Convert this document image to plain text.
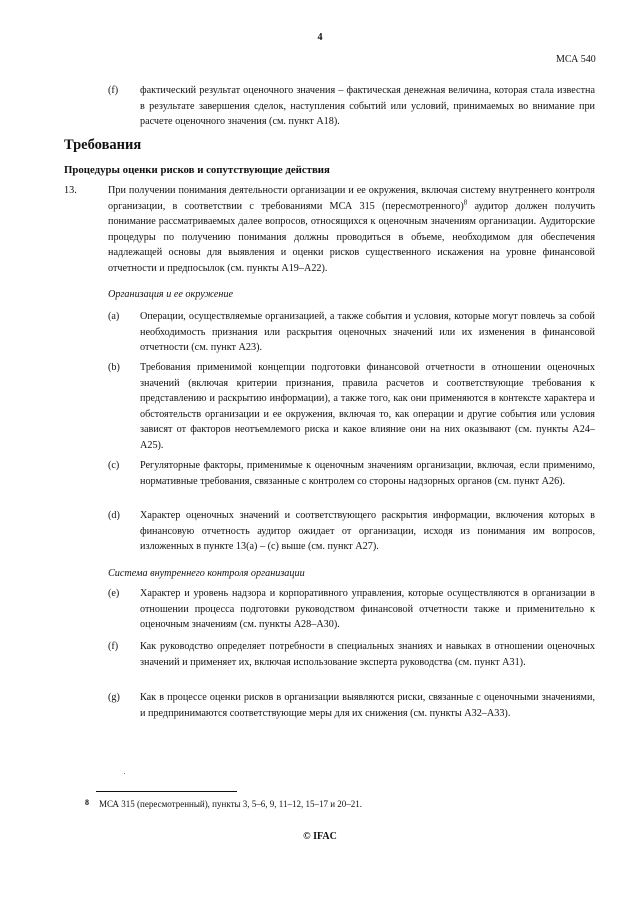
4
МСА 540
(f) фактический результат оценочного значения – фактическая денежная величина, которая стала известна в результате завершения сделок, наступления событий или условий, принимаемых во внимание при расчете оценочного значения (см. пункт A18).
Требования
Процедуры оценки рисков и сопутствующие действия
13.	При получении понимания деятельности организации и ее окружения, включая систему внутреннего контроля организации, в соответствии с требованиями МСА 315 (пересмотренного)$^8$ аудитор должен получить понимание рассматриваемых далее вопросов, относящихся к оценочным значениям организации. Аудиторские процедуры по получению понимания должны проводиться в объеме, необходимом для обеспечения надлежащей основы для выявления и оценки рисков существенного искажения на уровне финансовой отчетности и предпосылок (см. пункты A19–A22).
Организация и ее окружение
(a) Операции, осуществляемые организацией, а также события и условия, которые могут повлечь за собой необходимость признания или раскрытия оценочных значений или их изменения в финансовой отчетности (см. пункт A23).
(b) Требования применимой концепции подготовки финансовой отчетности в отношении оценочных значений (включая критерии признания, правила расчетов и соответствующие требования к представлению и раскрытию информации), а также того, как они применяются в контексте характера и обстоятельств организации и ее окружения, включая то, как операции и другие события или условия зависят от факторов неотъемлемого риска и какое влияние они на них оказывают (см. пункты A24–A25).
(c) Регуляторные факторы, применимые к оценочным значениям организации, включая, если применимо, нормативные требования, связанные с контролем со стороны надзорных органов (см. пункт A26).
(d) Характер оценочных значений и соответствующего раскрытия информации, включения которых в финансовую отчетность аудитор ожидает от организации, исходя из понимания им вопросов, изложенных в пункте 13(a) – (c) выше (см. пункт A27).
Система внутреннего контроля организации
(e) Характер и уровень надзора и корпоративного управления, которые осуществляются в организации в отношении процесса подготовки руководством финансовой отчетности также и применительно к оценочным значениям (см. пункты A28–A30).
(f) Как руководство определяет потребности в специальных знаниях и навыках в отношении оценочных значений и применяет их, включая использование эксперта руководства (см. пункт A31).
(g) Как в процессе оценки рисков в организации выявляются риски, связанные с оценочными значениями, и предпринимаются соответствующие меры для их снижения (см. пункты A32–A33).
8 МСА 315 (пересмотренный), пункты 3, 5–6, 9, 11–12, 15–17 и 20–21.
© IFAC
